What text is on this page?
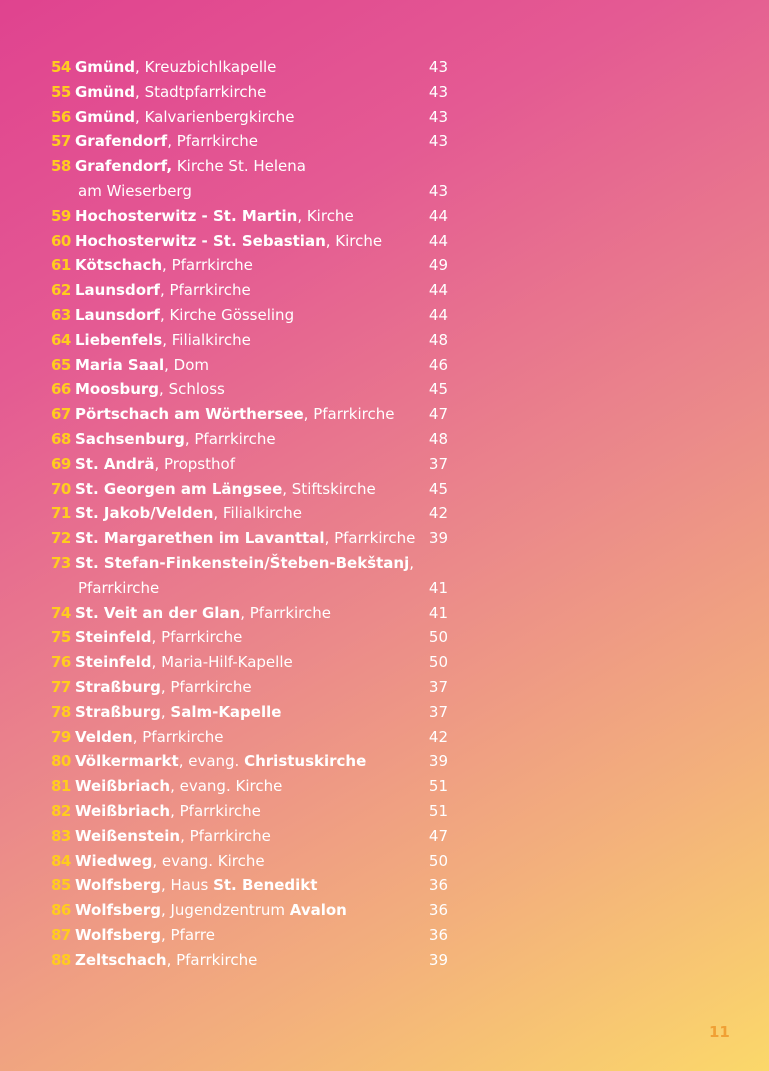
54 Gmünd, Kreuzbichlkapelle	43
55 Gmünd, Stadtpfarrkirche	43
56 Gmünd, Kalvarienbergkirche	43
57 Grafendorf, Pfarrkirche	43
58 Grafendorf, Kirche St. Helena
am Wieserberg	43
59 Hochosterwitz - St. Martin, Kirche	44
60 Hochosterwitz - St. Sebastian, Kirche	44
61 Kötschach, Pfarrkirche	49
62 Launsdorf, Pfarrkirche	44
63 Launsdorf, Kirche Gösseling	44
64 Liebenfels, Filialkirche	48
65 Maria Saal, Dom	46
66 Moosburg, Schloss	45
67 Pörtschach am Wörthersee, Pfarrkirche 47
68 Sachsenburg, Pfarrkirche	48
69 St. Andrä, Propsthof	37
70 St. Georgen am Längsee, Stiftskirche	45
71 St. Jakob/Velden, Filialkirche	42
72 St. Margarethen im Lavanttal, Pfarrkirche 39
73 St. Stefan-Finkenstein/Šteben-Bekštanj,
Pfarrkirche	41
74 St. Veit an der Glan, Pfarrkirche	41
75 Steinfeld, Pfarrkirche	50
76 Steinfeld, Maria-Hilf-Kapelle	50
77 Straßburg, Pfarrkirche	37
78 Straßburg, Salm-Kapelle	37
79 Velden, Pfarrkirche	42
80 Völkermarkt, evang. Christuskirche	39
81 Weißbriach, evang. Kirche	51
82 Weißbriach, Pfarrkirche	51
83 Weißenstein, Pfarrkirche	47
84 Wiedweg, evang. Kirche	50
85 Wolfsberg, Haus St. Benedikt	36
86 Wolfsberg, Jugendzentrum Avalon	36
87 Wolfsberg, Pfarre	36
88 Zeltschach, Pfarrkirche	39
11
